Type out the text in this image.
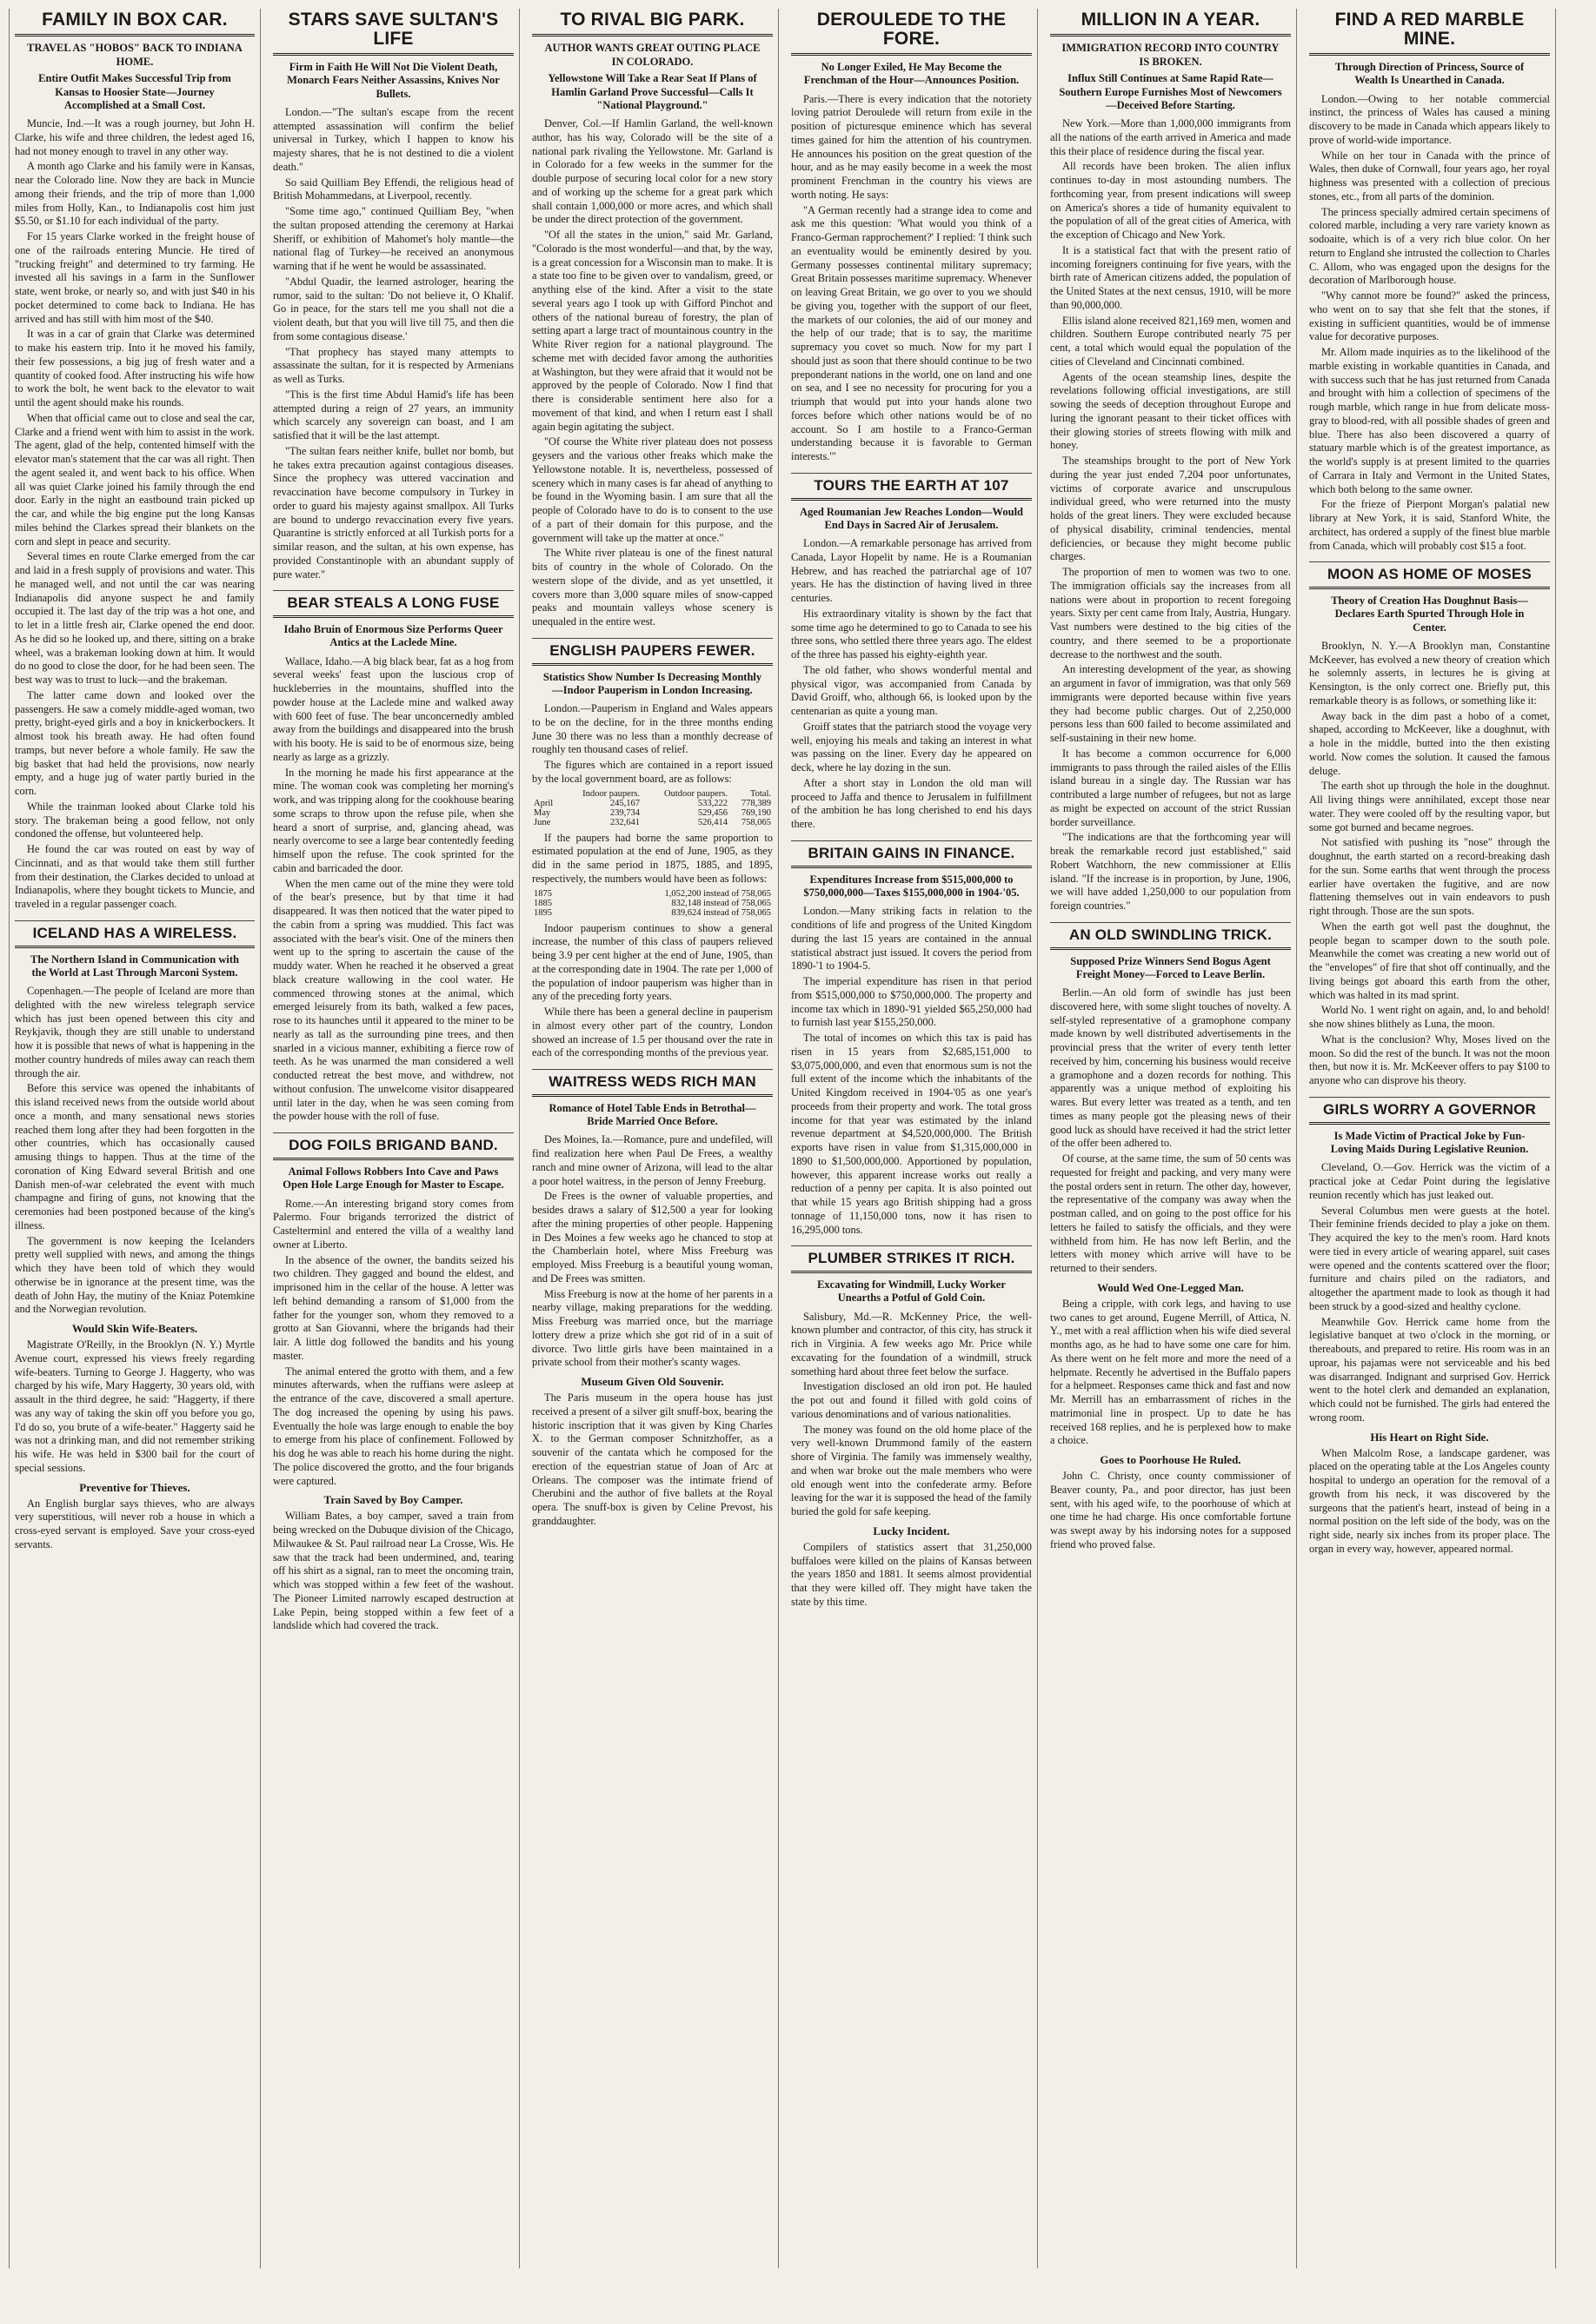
FAMILY IN BOX CAR.
TRAVEL AS "HOBOS" BACK TO INDIANA HOME.
Entire Outfit Makes Successful Trip from Kansas to Hoosier State—Journey Accomplished at a Small Cost.

Muncie, Ind.—It was a rough journey, but John H. Clarke, his wife and three children, the ledest aged 16, had not money enough to travel in any other way.

A month ago Clarke and his family were in Kansas, near the Colorado line. Now they are back in Muncie among their friends, and the trip of more than 1,000 miles from Holly, Kan., to Indianapolis cost him just $5.50, or $1.10 for each individual of the party.

For 15 years Clarke worked in the freight house of one of the railroads entering Muncie. He tired of "trucking freight" and determined to try farming. He invested all his savings in a farm in the Sunflower state, went broke, or nearly so, and with just $40 in his pocket determined to come back to Indiana. He has arrived and has still with him most of the $40.

It was in a car of grain that Clarke was determined to make his eastern trip. Into it he moved his family, their few possessions, a big jug of fresh water and a quantity of cooked food. After instructing his wife how to work the bolt, he went back to the elevator to wait until the agent should make his rounds.

When that official came out to close and seal the car, Clarke and a friend went with him to assist in the work. The agent, glad of the help, contented himself with the elevator man's statement that the car was all right. Then the agent sealed it, and went back to his office. When all was quiet Clarke joined his family through the end door. Early in the night an eastbound train picked up the car, and while the big engine put the long Kansas miles behind the Clarkes spread their blankets on the corn and slept in peace and security.

Several times en route Clarke emerged from the car and laid in a fresh supply of provisions and water. This he managed well, and not until the car was nearing Indianapolis did anyone suspect he and family occupied it. The last day of the trip was a hot one, and to let in a little fresh air, Clarke opened the end door. As he did so he looked up, and there, sitting on a brake wheel, was a brakeman looking down at him. It would do no good to close the door, for he had been seen. The best way was to trust to luck—and the brakeman.

The latter came down and looked over the passengers. He saw a comely middle-aged woman, two pretty, bright-eyed girls and a boy in knickerbockers. It almost took his breath away. He had often found tramps, but never before a whole family. He saw the big basket that had held the provisions, now nearly empty, and a huge jug of water partly buried in the corn.

While the trainman looked about Clarke told his story. The brakeman being a good fellow, not only condoned the offense, but volunteered help.

He found the car was routed on east by way of Cincinnati, and as that would take them still further from their destination, the Clarkes decided to unload at Indianapolis, where they bought tickets to Muncie, and traveled in a regular passenger coach.

ICELAND HAS A WIRELESS.
The Northern Island in Communication with the World at Last Through Marconi System.

Copenhagen.—The people of Iceland are more than delighted with the new wireless telegraph service which has just been opened between this city and Reykjavik, though they are still unable to understand how it is possible that news of what is happening in the mother country hundreds of miles away can reach them through the air.

Before this service was opened the inhabitants of this island received news from the outside world about once a month, and many sensational news stories reached them long after they had been forgotten in the other countries, which has occasionally caused amusing things to happen. Thus at the time of the coronation of King Edward several British and one Danish men-of-war celebrated the event with much champagne and firing of guns, not knowing that the ceremonies had been postponed because of the king's illness.

The government is now keeping the Icelanders pretty well supplied with news, and among the things which they have been told of which they would otherwise be in ignorance at the present time, was the death of John Hay, the mutiny of the Kniaz Potemkine and the Norwegian revolution.

Would Skin Wife-Beaters.

Magistrate O'Reilly, in the Brooklyn (N. Y.) Myrtle Avenue court, expressed his views freely regarding wife-beaters. Turning to George J. Haggerty, who was charged by his wife, Mary Haggerty, 30 years old, with assault in the third degree, he said: "Haggerty, if there was any way of taking the skin off you before you go, I'd do so, you brute of a wife-beater." Haggerty said he was not a drinking man, and did not remember striking his wife. He was held in $300 bail for the court of special sessions.

Preventive for Thieves.

An English burglar says thieves, who are always very superstitious, will never rob a house in which a cross-eyed servant is employed. Save your cross-eyed servants.

STARS SAVE SULTAN'S LIFE
Firm in Faith He Will Not Die Violent Death, Monarch Fears Neither Assassins, Knives Nor Bullets.

London.—"The sultan's escape from the recent attempted assassination will confirm the belief universal in Turkey, which I happen to know his majesty shares, that he is not destined to die a violent death."

So said Quilliam Bey Effendi, the religious head of British Mohammedans, at Liverpool, recently.

"Some time ago," continued Quilliam Bey, "when the sultan proposed attending the ceremony at Harkai Sheriff, or exhibition of Mahomet's holy mantle—the national flag of Turkey—he received an anonymous warning that if he went he would be assassinated.

"Abdul Quadir, the learned astrologer, hearing the rumor, said to the sultan: 'Do not believe it, O Khalif. Go in peace, for the stars tell me you shall not die a violent death, but that you will live till 75, and then die from some contagious disease.'

"That prophecy has stayed many attempts to assassinate the sultan, for it is respected by Armenians as well as Turks.

"This is the first time Abdul Hamid's life has been attempted during a reign of 27 years, an immunity which scarcely any sovereign can boast, and I am satisfied that it will be the last attempt.

"The sultan fears neither knife, bullet nor bomb, but he takes extra precaution against contagious diseases. Since the prophecy was uttered vaccination and revaccination have become compulsory in Turkey in order to guard his majesty against smallpox. All Turks are bound to undergo revaccination every five years. Quarantine is strictly enforced at all Turkish ports for a similar reason, and the sultan, at his own expense, has provided Constantinople with an abundant supply of pure water."

BEAR STEALS A LONG FUSE
Idaho Bruin of Enormous Size Performs Queer Antics at the Laclede Mine.

Wallace, Idaho.—A big black bear, fat as a hog from several weeks' feast upon the luscious crop of huckleberries in the mountains, shuffled into the powder house at the Laclede mine and walked away with 600 feet of fuse. The bear unconcernedly ambled away from the buildings and disappeared into the brush with his booty. He is said to be of enormous size, being nearly as large as a grizzly.

In the morning he made his first appearance at the mine. The woman cook was completing her morning's work, and was tripping along for the cookhouse bearing some scraps to throw upon the refuse pile, when she heard a snort of surprise, and, glancing ahead, was nearly overcome to see a large bear contentedly feeding himself upon the refuse. The cook sprinted for the cabin and barricaded the door.

When the men came out of the mine they were told of the bear's presence, but by that time it had disappeared. It was then noticed that the water piped to the cabin from a spring was muddied. This fact was associated with the bear's visit. One of the miners then went up to the spring to ascertain the cause of the muddy water. When he reached it he observed a great black creature wallowing in the cool water. He commenced throwing stones at the animal, which emerged leisurely from its bath, walked a few paces, rose to its haunches until it appeared to the miner to be nearly as tall as the surrounding pine trees, and then snarled in a vicious manner, exhibiting a fierce row of teeth. As he was unarmed the man considered a well conducted retreat the best move, and withdrew, not without confusion. The unwelcome visitor disappeared until later in the day, when he was seen coming from the powder house with the roll of fuse.

DOG FOILS BRIGAND BAND.
Animal Follows Robbers Into Cave and Paws Open Hole Large Enough for Master to Escape.

Rome.—An interesting brigand story comes from Palermo. Four brigands terrorized the district of Castelterminl and entered the villa of a wealthy land owner at Liberto.

In the absence of the owner, the bandits seized his two children. They gagged and bound the eldest, and imprisoned him in the cellar of the house. A letter was left behind demanding a ransom of $1,000 from the father for the younger son, whom they removed to a grotto at San Giovanni, where the brigands had their lair. A little dog followed the bandits and his young master.

The animal entered the grotto with them, and a few minutes afterwards, when the ruffians were asleep at the entrance of the cave, discovered a small aperture. The dog increased the opening by using his paws. Eventually the hole was large enough to enable the boy to emerge from his place of confinement. Followed by his dog he was able to reach his home during the night. The police discovered the grotto, and the four brigands were captured.

Train Saved by Boy Camper.

William Bates, a boy camper, saved a train from being wrecked on the Dubuque division of the Chicago, Milwaukee & St. Paul railroad near La Crosse, Wis. He saw that the track had been undermined, and, tearing off his shirt as a signal, ran to meet the oncoming train, which was stopped within a few feet of the washout. The Pioneer Limited narrowly escaped destruction at Lake Pepin, being stopped within a few feet of a landslide which had covered the track.

TO RIVAL BIG PARK.
AUTHOR WANTS GREAT OUTING PLACE IN COLORADO.
Yellowstone Will Take a Rear Seat If Plans of Hamlin Garland Prove Successful—Calls It "National Playground."

Denver, Col.—If Hamlin Garland, the well-known author, has his way, Colorado will be the site of a national park rivaling the Yellowstone. Mr. Garland is in Colorado for a few weeks in the summer for the double purpose of securing local color for a new story and of working up the scheme for a great park which shall contain 1,000,000 or more acres, and which shall be under the direct protection of the government.

"Of all the states in the union," said Mr. Garland, "Colorado is the most wonderful—and that, by the way, is a great concession for a Wisconsin man to make. It is a state too fine to be given over to vandalism, greed, or anything else of the kind. After a visit to the state several years ago I took up with Gifford Pinchot and others of the national bureau of forestry, the plan of setting apart a large tract of mountainous country in the White River region for a national playground. The scheme met with decided favor among the authorities at Washington, but they were afraid that it would not be approved by the people of Colorado. Now I find that there is considerable sentiment here also for a movement of that kind, and when I return east I shall again begin agitating the subject.

"Of course the White river plateau does not possess geysers and the various other freaks which make the Yellowstone notable. It is, nevertheless, possessed of scenery which in many cases is far ahead of anything to be found in the Wyoming basin. I am sure that all the people of Colorado have to do is to consent to the use of a part of their domain for this purpose, and the government will take up the matter at once."

The White river plateau is one of the finest natural bits of country in the whole of Colorado. On the western slope of the divide, and as yet unsettled, it covers more than 3,000 square miles of snow-capped peaks and mountain valleys whose scenery is unequaled in the entire west.

ENGLISH PAUPERS FEWER.
Statistics Show Number Is Decreasing Monthly—Indoor Pauperism in London Increasing.

London.—Pauperism in England and Wales appears to be on the decline, for in the three months ending June 30 there was no less than a monthly decrease of roughly ten thousand cases of relief.

The figures which are contained in a report issued by the local government board, are as follows:

	Indoor paupers.	Outdoor paupers.	Total.
April	245,167	533,222	778,389
May	239,734	529,456	769,190
June	232,641	526,414	758,065

If the paupers had borne the same proportion to estimated population at the end of June, 1905, as they did in the same period in 1875, 1885, and 1895, respectively, the numbers would have been as follows:

1875	1,052,200 instead of 758,065
1885	832,148 instead of 758,065
1895	839,624 instead of 758,065

Indoor pauperism continues to show a general increase, the number of this class of paupers relieved being 3.9 per cent higher at the end of June, 1905, than at the corresponding date in 1904. The rate per 1,000 of the population of indoor pauperism was higher than in any of the preceding forty years.

While there has been a general decline in pauperism in almost every other part of the country, London showed an increase of 1.5 per thousand over the rate in each of the corresponding months of the previous year.

WAITRESS WEDS RICH MAN
Romance of Hotel Table Ends in Betrothal—Bride Married Once Before.

Des Moines, Ia.—Romance, pure and undefiled, will find realization here when Paul De Frees, a wealthy ranch and mine owner of Arizona, will lead to the altar a poor hotel waitress, in the person of Jenny Freeburg.

De Frees is the owner of valuable properties, and besides draws a salary of $12,500 a year for looking after the mining properties of other people. Happening in Des Moines a few weeks ago he chanced to stop at the Chamberlain hotel, where Miss Freeburg was employed. Miss Freeburg is a beautiful young woman, and De Frees was smitten.

Miss Freeburg is now at the home of her parents in a nearby village, making preparations for the wedding. Miss Freeburg was married once, but the marriage lottery drew a prize which she got rid of in a suit of divorce. Two little girls have been maintained in a private school from their mother's scanty wages.

Museum Given Old Souvenir.

The Paris museum in the opera house has just received a present of a silver gilt snuff-box, bearing the historic inscription that it was given by King Charles X. to the German composer Schnitzhoffer, as a souvenir of the cantata which he composed for the erection of the equestrian statue of Joan of Arc at Orleans. The composer was the intimate friend of Cherubini and the author of five ballets at the Royal opera. The snuff-box is given by Celine Prevost, his granddaughter.

DEROULEDE TO THE FORE.
No Longer Exiled, He May Become the Frenchman of the Hour—Announces Position.

Paris.—There is every indication that the notoriety loving patriot Deroulede will return from exile in the position of picturesque eminence which has several times gained for him the attention of his countrymen. He announces his position on the great question of the hour, and as he may easily become in a week the most prominent Frenchman in the country his views are worth noting. He says:

"A German recently had a strange idea to come and ask me this question: 'What would you think of a Franco-German rapprochement?' I replied: 'I think such an eventuality would be eminently desired by you. Germany possesses continental military supremacy; Great Britain possesses maritime supremacy. Whenever on leaving Great Britain, we go over to you we should be giving you, together with the support of our fleet, the markets of our colonies, the aid of our money and the help of our trade; that is to say, the maritime supremacy you covet so much. Now for my part I should just as soon that there should continue to be two preponderant nations in the world, one on land and one on sea, and I see no necessity for procuring for you a triumph that would put into your hands alone two forces before which other nations would be of no account. So I am hostile to a Franco-German understanding because it is favorable to German interests.'"

TOURS THE EARTH AT 107
Aged Roumanian Jew Reaches London—Would End Days in Sacred Air of Jerusalem.

London.—A remarkable personage has arrived from Canada, Layor Hopelit by name. He is a Roumanian Hebrew, and has reached the patriarchal age of 107 years. He has the distinction of having lived in three centuries.

His extraordinary vitality is shown by the fact that some time ago he determined to go to Canada to see his three sons, who settled there three years ago. The eldest of the three has passed his eighty-eighth year.

The old father, who shows wonderful mental and physical vigor, was accompanied from Canada by David Groiff, who, although 66, is looked upon by the centenarian as quite a young man.

Groiff states that the patriarch stood the voyage very well, enjoying his meals and taking an interest in what was passing on the liner. Every day he appeared on deck, where he lay dozing in the sun.

After a short stay in London the old man will proceed to Jaffa and thence to Jerusalem in fulfillment of the ambition he has long cherished to end his days there.

BRITAIN GAINS IN FINANCE.
Expenditures Increase from $515,000,000 to $750,000,000—Taxes $155,000,000 in 1904-'05.

London.—Many striking facts in relation to the conditions of life and progress of the United Kingdom during the last 15 years are contained in the annual statistical abstract just issued. It covers the period from 1890-'1 to 1904-5.

The imperial expenditure has risen in that period from $515,000,000 to $750,000,000. The property and income tax which in 1890-'91 yielded $65,250,000 had to furnish last year $155,250,000.

The total of incomes on which this tax is paid has risen in 15 years from $2,685,151,000 to $3,075,000,000, and even that enormous sum is not the full extent of the income which the inhabitants of the United Kingdom received in 1904-'05 as one year's proceeds from their property and work. The total gross income for that year was estimated by the inland revenue department at $4,520,000,000. The British exports have risen in value from $1,315,000,000 in 1890 to $1,500,000,000. Apportioned by population, however, this apparent increase works out really a reduction of a penny per capita. It is also pointed out that while 15 years ago British shipping had a gross tonnage of 11,150,000 tons, now it has risen to 16,295,000 tons.

PLUMBER STRIKES IT RICH.
Excavating for Windmill, Lucky Worker Unearths a Potful of Gold Coin.

Salisbury, Md.—R. McKenney Price, the well-known plumber and contractor, of this city, has struck it rich in Virginia. A few weeks ago Mr. Price while excavating for the foundation of a windmill, struck something hard about three feet below the surface.

Investigation disclosed an old iron pot. He hauled the pot out and found it filled with gold coins of various denominations and of various nationalities.

The money was found on the old home place of the very well-known Drummond family of the eastern shore of Virginia. The family was immensely wealthy, and when war broke out the male members who were old enough went into the confederate army. Before leaving for the war it is supposed the head of the family buried the gold for safe keeping.

Lucky Incident.

Compilers of statistics assert that 31,250,000 buffaloes were killed on the plains of Kansas between the years 1850 and 1881. It seems almost providential that they were killed off. They might have taken the state by this time.

MILLION IN A YEAR.
IMMIGRATION RECORD INTO COUNTRY IS BROKEN.
Influx Still Continues at Same Rapid Rate—Southern Europe Furnishes Most of Newcomers—Deceived Before Starting.

New York.—More than 1,000,000 immigrants from all the nations of the earth arrived in America and made this their place of residence during the fiscal year.

All records have been broken. The alien influx continues to-day in most astounding numbers. The forthcoming year, from present indications will sweep on America's shores a tide of humanity equivalent to the population of all of the great cities of America, with the exception of Chicago and New York.

It is a statistical fact that with the present ratio of incoming foreigners continuing for five years, with the birth rate of American citizens added, the population of the United States at the next census, 1910, will be more than 90,000,000.

Ellis island alone received 821,169 men, women and children. Southern Europe contributed nearly 75 per cent, a total which would equal the population of the cities of Cleveland and Cincinnati combined.

Agents of the ocean steamship lines, despite the revelations following official investigations, are still sowing the seeds of deception throughout Europe and luring the ignorant peasant to their ticket offices with their glowing stories of streets flowing with milk and honey.

The steamships brought to the port of New York during the year just ended 7,204 poor unfortunates, victims of corporate avarice and unscrupulous individual greed, who were returned into the musty holds of the great liners. They were excluded because of physical disability, criminal tendencies, mental deficiencies, or because they might become public charges.

The proportion of men to women was two to one. The immigration officials say the increases from all nations were about in proportion to recent foregoing years. Sixty per cent came from Italy, Austria, Hungary. Vast numbers were destined to the big cities of the country, and there seemed to be a proportionate decrease to the northwest and the south.

An interesting development of the year, as showing an argument in favor of immigration, was that only 569 immigrants were deported because within five years they had become public charges. Out of 2,250,000 persons less than 600 failed to become assimilated and self-sustaining in their new home.

It has become a common occurrence for 6,000 immigrants to pass through the railed aisles of the Ellis island bureau in a single day. The Russian war has contributed a large number of refugees, but not as large as might be expected on account of the strict Russian border surveillance.

"The indications are that the forthcoming year will break the remarkable record just established," said Robert Watchhorn, the new commissioner at Ellis island. "If the increase is in proportion, by June, 1906, we will have added 1,250,000 to our population from foreign countries."

AN OLD SWINDLING TRICK.
Supposed Prize Winners Send Bogus Agent Freight Money—Forced to Leave Berlin.

Berlin.—An old form of swindle has just been discovered here, with some slight touches of novelty. A self-styled representative of a gramophone company made known by well distributed advertisements in the provincial press that the writer of every tenth letter received by him, concerning his business would receive a gramophone and a dozen records for nothing. This apparently was a unique method of exploiting his wares. But every letter was treated as a tenth, and ten times as many people got the pleasing news of their good luck as should have received it had the strict letter of the offer been adhered to.

Of course, at the same time, the sum of 50 cents was requested for freight and packing, and very many were the postal orders sent in return. The other day, however, the representative of the company was away when the postman called, and on going to the post office for his letters he failed to satisfy the officials, and they were withheld from him. He has now left Berlin, and the letters with money which arrive will have to be returned to their senders.

Would Wed One-Legged Man.

Being a cripple, with cork legs, and having to use two canes to get around, Eugene Merrill, of Attica, N. Y., met with a real affliction when his wife died several months ago, as he had to have some one care for him. As there went on he felt more and more the need of a helpmate. Recently he advertised in the Buffalo papers for a helpmeet. Responses came thick and fast and now Mr. Merrill has an embarrassment of riches in the matrimonial line in prospect. Up to date he has received 168 replies, and he is perplexed how to make a choice.

Goes to Poorhouse He Ruled.

John C. Christy, once county commissioner of Beaver county, Pa., and poor director, has just been sent, with his aged wife, to the poorhouse of which at one time he had charge. His once comfortable fortune was swept away by his indorsing notes for a supposed friend who proved false.

FIND A RED MARBLE MINE.
Through Direction of Princess, Source of Wealth Is Unearthed in Canada.

London.—Owing to her notable commercial instinct, the princess of Wales has caused a mining discovery to be made in Canada which appears likely to prove of world-wide importance.

While on her tour in Canada with the prince of Wales, then duke of Cornwall, four years ago, her royal highness was presented with a collection of precious stones, etc., from all parts of the dominion.

The princess specially admired certain specimens of colored marble, including a very rare variety known as sodoaite, which is of a very rich blue color. On her return to England she intrusted the collection to Charles C. Allom, who was engaged upon the designs for the decoration of Marlborough house.

"Why cannot more be found?" asked the princess, who went on to say that she felt that the stones, if existing in sufficient quantities, would be of immense value for decorative purposes.

Mr. Allom made inquiries as to the likelihood of the marble existing in workable quantities in Canada, and with success such that he has just returned from Canada and brought with him a collection of specimens of the rough marble, which range in hue from delicate moss-gray to blood-red, with all possible shades of green and blue. There has also been discovered a quarry of statuary marble which is of the greatest importance, as the world's supply is at present limited to the quarries of Carrara in Italy and Vermont in the United States, which both belong to the same owner.

For the frieze of Pierpont Morgan's palatial new library at New York, it is said, Stanford White, the architect, has ordered a supply of the finest blue marble from Canada, which will probably cost $15 a foot.

MOON AS HOME OF MOSES
Theory of Creation Has Doughnut Basis—Declares Earth Spurted Through Hole in Center.

Brooklyn, N. Y.—A Brooklyn man, Constantine McKeever, has evolved a new theory of creation which he solemnly asserts, in lectures he is giving at Kensington, is the only correct one. Briefly put, this remarkable theory is as follows, or something like it:

Away back in the dim past a hobo of a comet, shaped, according to McKeever, like a doughnut, with a hole in the middle, butted into the then existing world. Now comes the solution. It caused the famous deluge.

The earth shot up through the hole in the doughnut. All living things were annihilated, except those near water. They were cooled off by the resulting vapor, but some got burned and became negroes.

Not satisfied with pushing its "nose" through the doughnut, the earth started on a record-breaking dash for the sun. Some earths that went through the process earlier have overtaken the fugitive, and are now flattening themselves out in vain endeavors to push right through. Those are the sun spots.

When the earth got well past the doughnut, the people began to scamper down to the south pole. Meanwhile the comet was creating a new world out of the "envelopes" of fire that shot off continually, and the living beings got aboard this earth from the other, which was halted in its mad sprint.

World No. 1 went right on again, and, lo and behold! she now shines blithely as Luna, the moon.

What is the conclusion? Why, Moses lived on the moon. So did the rest of the bunch. It was not the moon then, but now it is. Mr. McKeever offers to pay $100 to anyone who can disprove his theory.

GIRLS WORRY A GOVERNOR
Is Made Victim of Practical Joke by Fun-Loving Maids During Legislative Reunion.

Cleveland, O.—Gov. Herrick was the victim of a practical joke at Cedar Point during the legislative reunion recently which has just leaked out.

Several Columbus men were guests at the hotel. Their feminine friends decided to play a joke on them. They acquired the key to the men's room. Hard knots were tied in every article of wearing apparel, suit cases were opened and the contents scattered over the floor; furniture and chairs piled on the radiators, and altogether the apartment made to look as though it had been struck by a good-sized and healthy cyclone.

Meanwhile Gov. Herrick came home from the legislative banquet at two o'clock in the morning, or thereabouts, and prepared to retire. His room was in an uproar, his pajamas were not serviceable and his bed was disarranged. Indignant and surprised Gov. Herrick went to the hotel clerk and demanded an explanation, which could not be furnished. The girls had entered the wrong room.

His Heart on Right Side.

When Malcolm Rose, a landscape gardener, was placed on the operating table at the Los Angeles county hospital to undergo an operation for the removal of a growth from his neck, it was discovered by the surgeons that the patient's heart, instead of being in a normal position on the left side of the body, was on the right side, nearly six inches from its proper place. The organ in every way, however, appeared normal.
